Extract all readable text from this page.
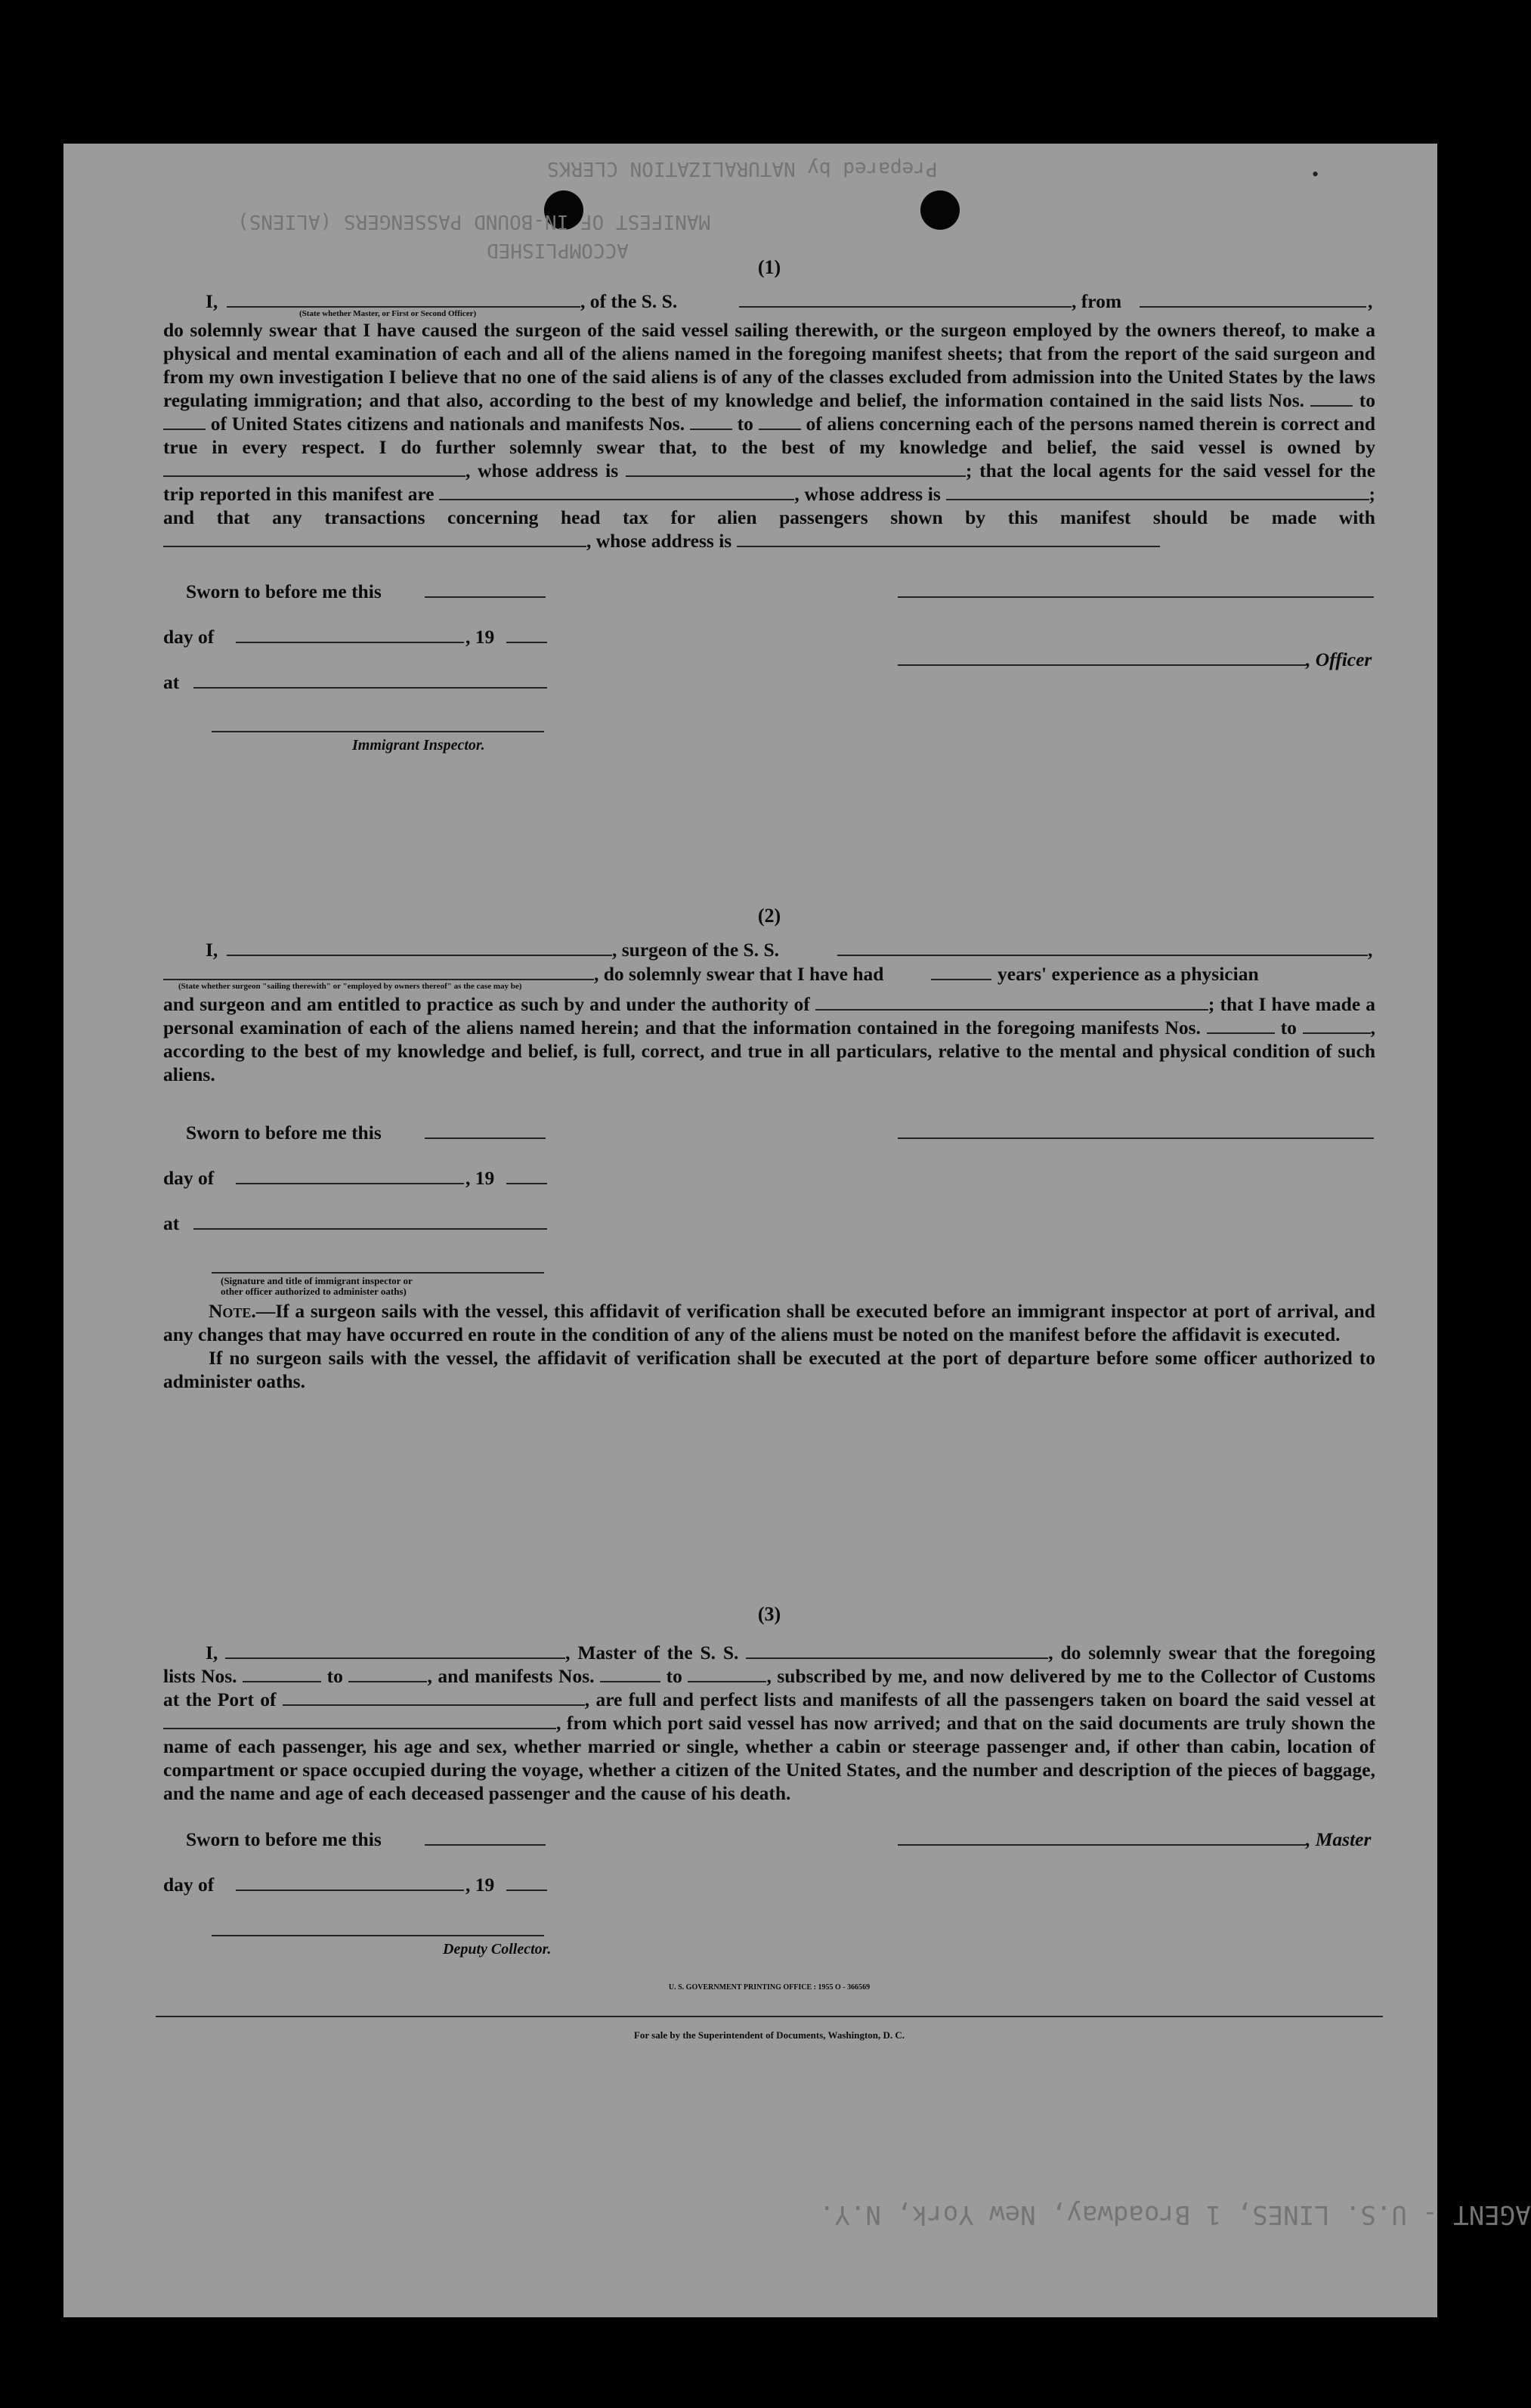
•
Prepared by NATURALIZATION CLERKS
MANIFEST OF IN-BOUND PASSENGERS (ALIENS)
ACCOMPLISHED
AGENT - U.S. LINES, 1 Broadway, New York, N.Y.
(1)
I,	, of the S. S.	, from	,
(State whether Master, or First or Second Officer)

do solemnly swear that I have caused the surgeon of the said vessel sailing therewith, or the surgeon employed by the owners thereof, to make a physical and mental examination of each and all of the aliens named in the foregoing manifest sheets; that from the report of the said surgeon and from my own investigation I believe that no one of the said aliens is of any of the classes excluded from admission into the United States by the laws regulating immigration; and that also, according to the best of my knowledge and belief, the information contained in the said lists Nos.	to  of United States citizens and nationals and manifests Nos.	to	of aliens concerning each of the persons named therein is correct and true in every respect. I do further solemnly swear that, to the best of my knowledge and belief, the said vessel is owned by , whose address is	; that the local agents for the said vessel for the trip reported in this manifest are	, whose address is	; and that any transactions concerning head tax for alien passengers shown by this manifest should be made with , whose address is

Sworn to before me this
day of	, 19
, Officer
at
Immigrant Inspector.
(2)
I,	, surgeon of the S. S.	,
, do solemnly swear that I have had	years' experience as a physician
(State whether surgeon "sailing therewith" or "employed by owners thereof" as the case may be)

and surgeon and am entitled to practice as such by and under the authority of	; that I have made a personal examination of each of the aliens named herein; and that the information contained in the foregoing manifests Nos.	to	, according to the best of my knowledge and belief, is full, correct, and true in all particulars, relative to the mental and physical condition of such aliens.

Sworn to before me this
day of	, 19
at
(Signature and title of immigrant inspector or
other officer authorized to administer oaths)

Note.—If a surgeon sails with the vessel, this affidavit of verification shall be executed before an immigrant inspector at port of arrival, and any changes that may have occurred en route in the condition of any of the aliens must be noted on the manifest before the affidavit is executed.

If no surgeon sails with the vessel, the affidavit of verification shall be executed at the port of departure before some officer authorized to administer oaths.

(3)

I,	, Master of the S. S.	, do solemnly swear that the foregoing lists Nos.	to	, and manifests Nos.	to	, subscribed by me, and now delivered by me to the Collector of Customs at the Port of	, are full and perfect lists and manifests of all the passengers taken on board the said vessel at , from which port said vessel has now arrived; and that on the said documents are truly shown the name of each passenger, his age and sex, whether married or single, whether a cabin or steerage passenger and, if other than cabin, location of compartment or space occupied during the voyage, whether a citizen of the United States, and the number and description of the pieces of baggage, and the name and age of each deceased passenger and the cause of his death.

Sworn to before me this	, Master
day of	, 19
Deputy Collector.
U. S. GOVERNMENT PRINTING OFFICE : 1955 O - 366569
For sale by the Superintendent of Documents, Washington, D. C.
